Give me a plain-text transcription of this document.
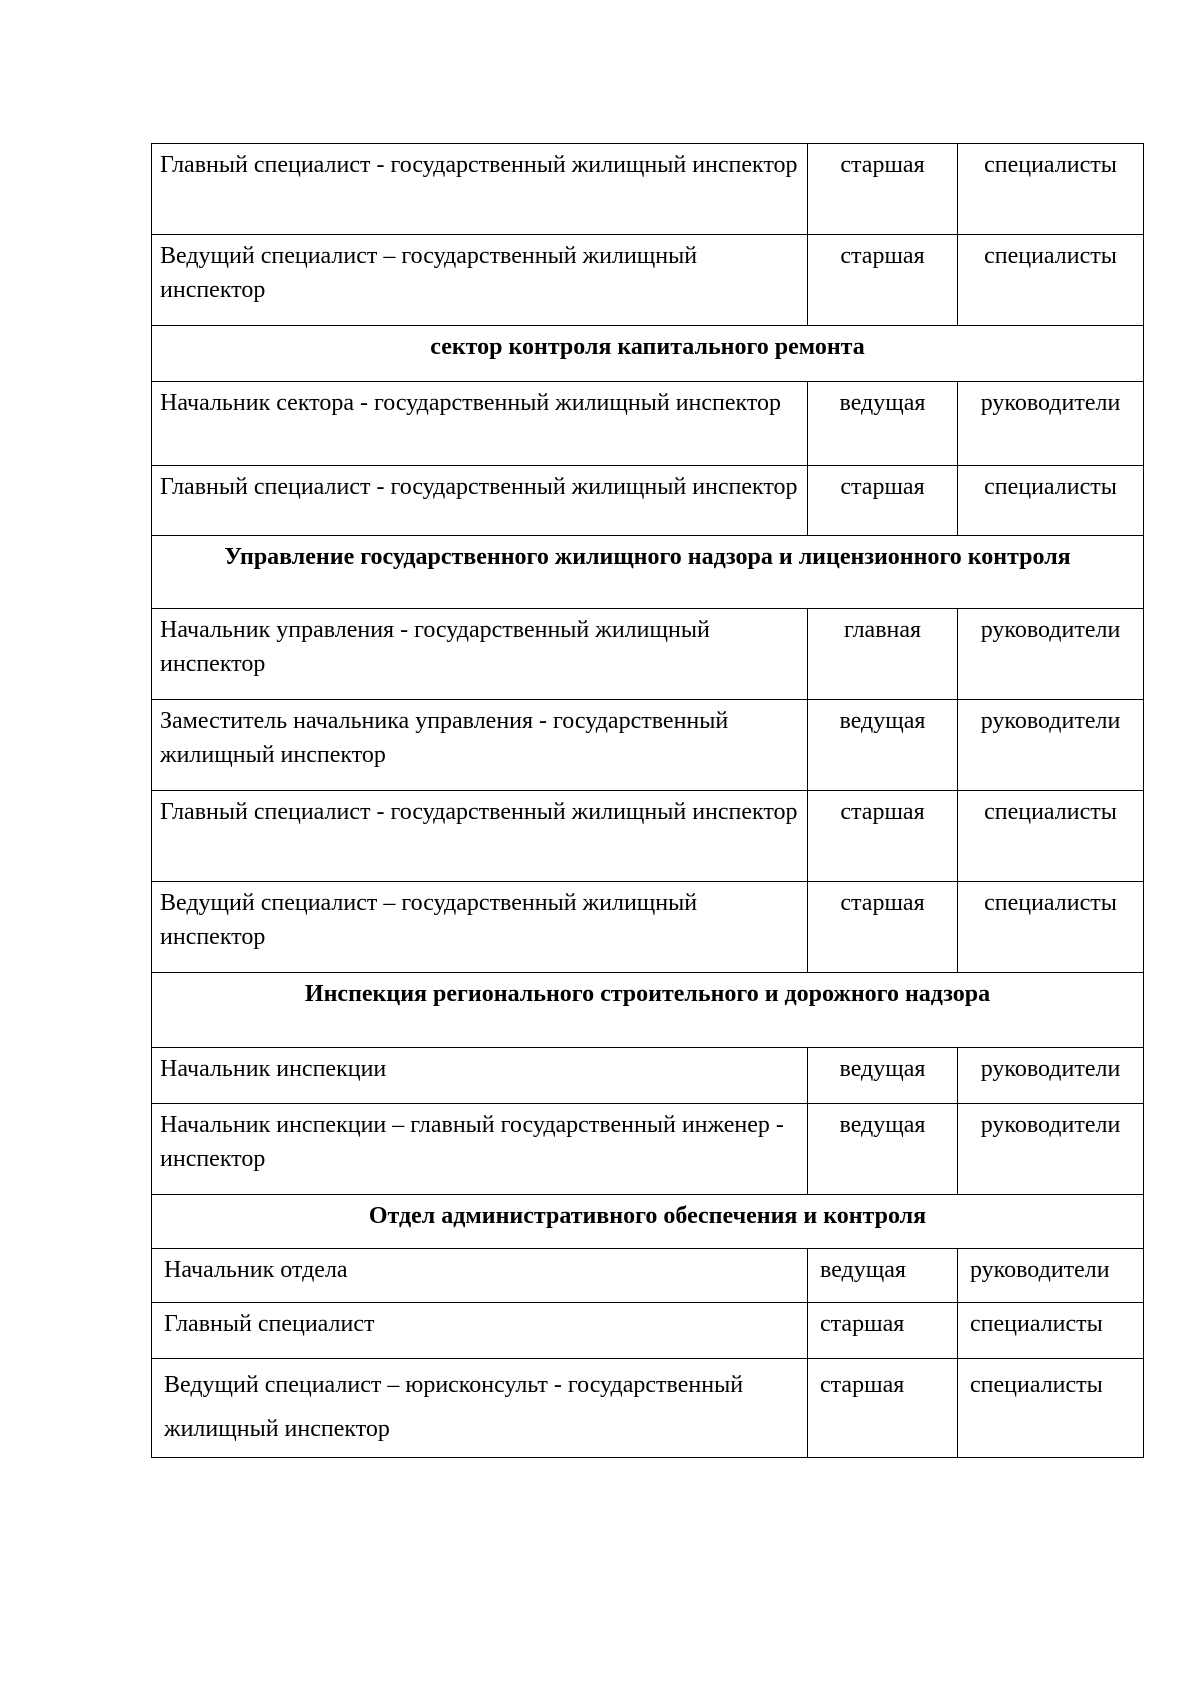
Главный специалист - государственный жилищный инспектор	старшая	специалисты
Ведущий специалист – государственный жилищный инспектор	старшая	специалисты
сектор контроля капитального ремонта		
Начальник сектора - государственный жилищный инспектор	ведущая	руководители
Главный специалист - государственный жилищный инспектор	старшая	специалисты
Управление государственного жилищного надзора и лицензионного контроля		
Начальник управления - государственный жилищный инспектор	главная	руководители
Заместитель начальника управления - государственный жилищный инспектор	ведущая	руководители
Главный специалист - государственный жилищный инспектор	старшая	специалисты
Ведущий специалист – государственный жилищный инспектор	старшая	специалисты
Инспекция регионального строительного и дорожного надзора		
Начальник инспекции	ведущая	руководители
Начальник инспекции – главный государственный инженер - инспектор	ведущая	руководители
Отдел административного обеспечения и контроля		
Начальник отдела	ведущая	руководители
Главный специалист	старшая	специалисты
Ведущий специалист – юрисконсульт - государственный жилищный инспектор	старшая	специалисты
